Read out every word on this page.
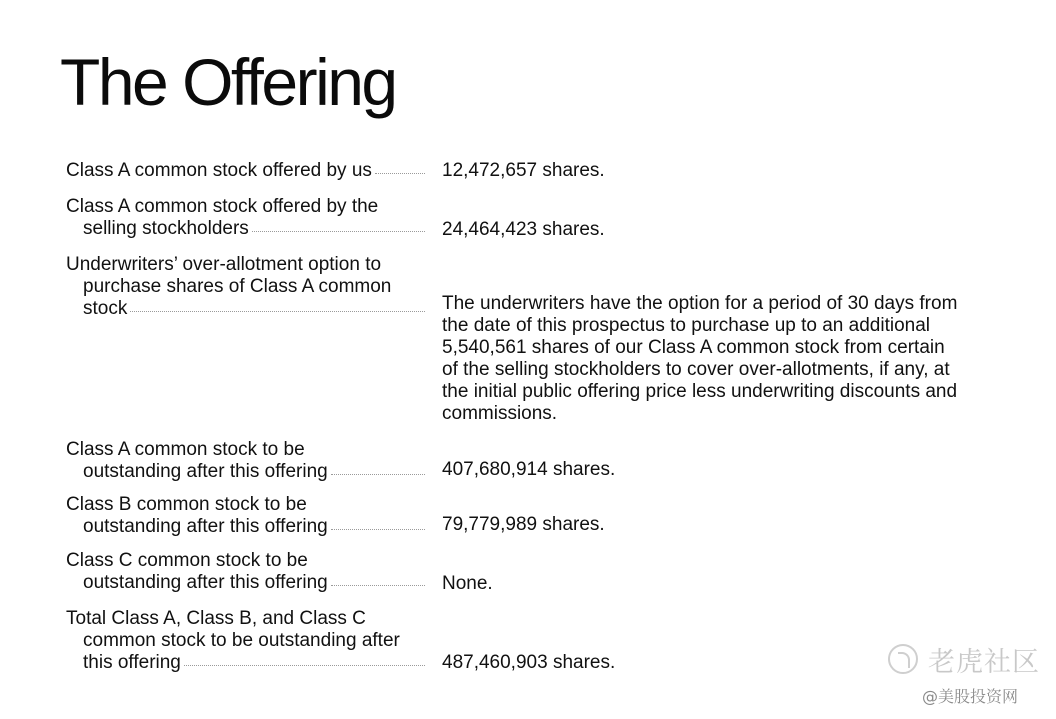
The Offering
Class A common stock offered by us	12,472,657 shares.
Class A common stock offered by the
selling stockholders	24,464,423 shares.
Underwriters’ over-allotment option to
purchase shares of Class A common
stock	The underwriters have the option for a period of 30 days from
the date of this prospectus to purchase up to an additional
5,540,561 shares of our Class A common stock from certain
of the selling stockholders to cover over-allotments, if any, at
the initial public offering price less underwriting discounts and
commissions.
Class A common stock to be
outstanding after this offering	407,680,914 shares.
Class B common stock to be
outstanding after this offering	79,779,989 shares.
Class C common stock to be
outstanding after this offering	None.
Total Class A, Class B, and Class C
common stock to be outstanding after
this offering	487,460,903 shares.	老虎社区
@美股投资网
